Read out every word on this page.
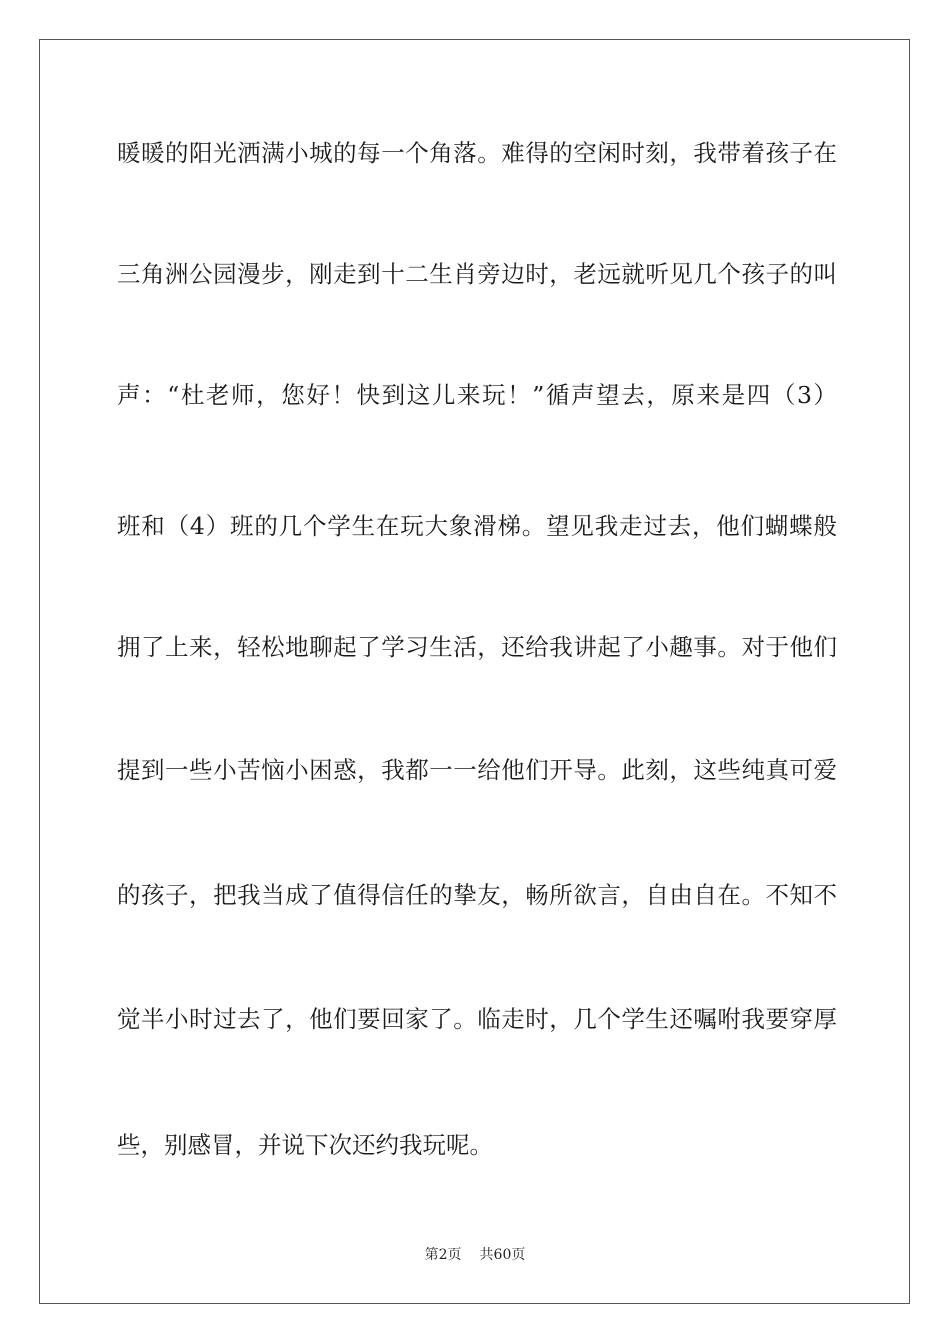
暖暖的阳光洒满小城的每一个角落。难得的空闲时刻，我带着孩子在
三角洲公园漫步，刚走到十二生肖旁边时，老远就听见几个孩子的叫
声：“杜老师，您好！快到这儿来玩！”循声望去，原来是四（3）
班和（4）班的几个学生在玩大象滑梯。望见我走过去，他们蝴蝶般
拥了上来，轻松地聊起了学习生活，还给我讲起了小趣事。对于他们
提到一些小苦恼小困惑，我都一一给他们开导。此刻，这些纯真可爱
的孩子，把我当成了值得信任的挚友，畅所欲言，自由自在。不知不
觉半小时过去了，他们要回家了。临走时，几个学生还嘱咐我要穿厚
些，别感冒，并说下次还约我玩呢。
第2页 共60页
